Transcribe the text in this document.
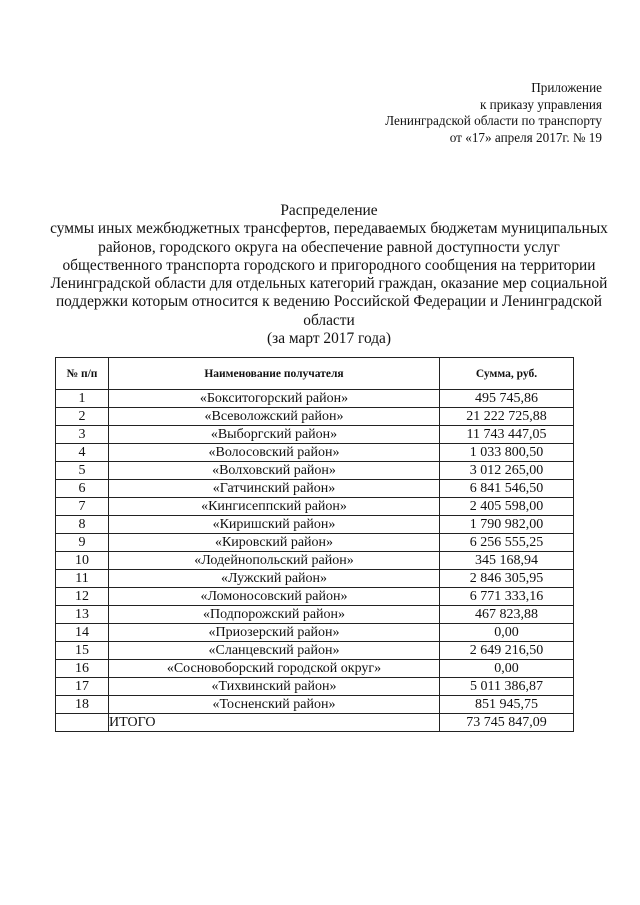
Приложение
к приказу управления
Ленинградской области по транспорту
от «17» апреля 2017г. № 19
Распределение
суммы иных межбюджетных трансфертов, передаваемых бюджетам муниципальных
районов, городского округа на обеспечение равной доступности услуг
общественного транспорта городского и пригородного сообщения на территории
Ленинградской области для отдельных категорий граждан, оказание мер социальной
поддержки которым относится к ведению Российской Федерации и Ленинградской
области
(за март 2017 года)
№ п/п	Наименование получателя	Сумма, руб.
1	«Бокситогорский район»	495 745,86
2	«Всеволожский район»	21 222 725,88
3	«Выборгский район»	11 743 447,05
4	«Волосовский район»	1 033 800,50
5	«Волховский район»	3 012 265,00
6	«Гатчинский район»	6 841 546,50
7	«Кингисеппский район»	2 405 598,00
8	«Киришский район»	1 790 982,00
9	«Кировский район»	6 256 555,25
10	«Лодейнопольский район»	345 168,94
11	«Лужский район»	2 846 305,95
12	«Ломоносовский район»	6 771 333,16
13	«Подпорожский район»	467 823,88
14	«Приозерский район»	0,00
15	«Сланцевский район»	2 649 216,50
16	«Сосновоборский городской округ»	0,00
17	«Тихвинский район»	5 011 386,87
18	«Тосненский район»	851 945,75
	ИТОГО	73 745 847,09
